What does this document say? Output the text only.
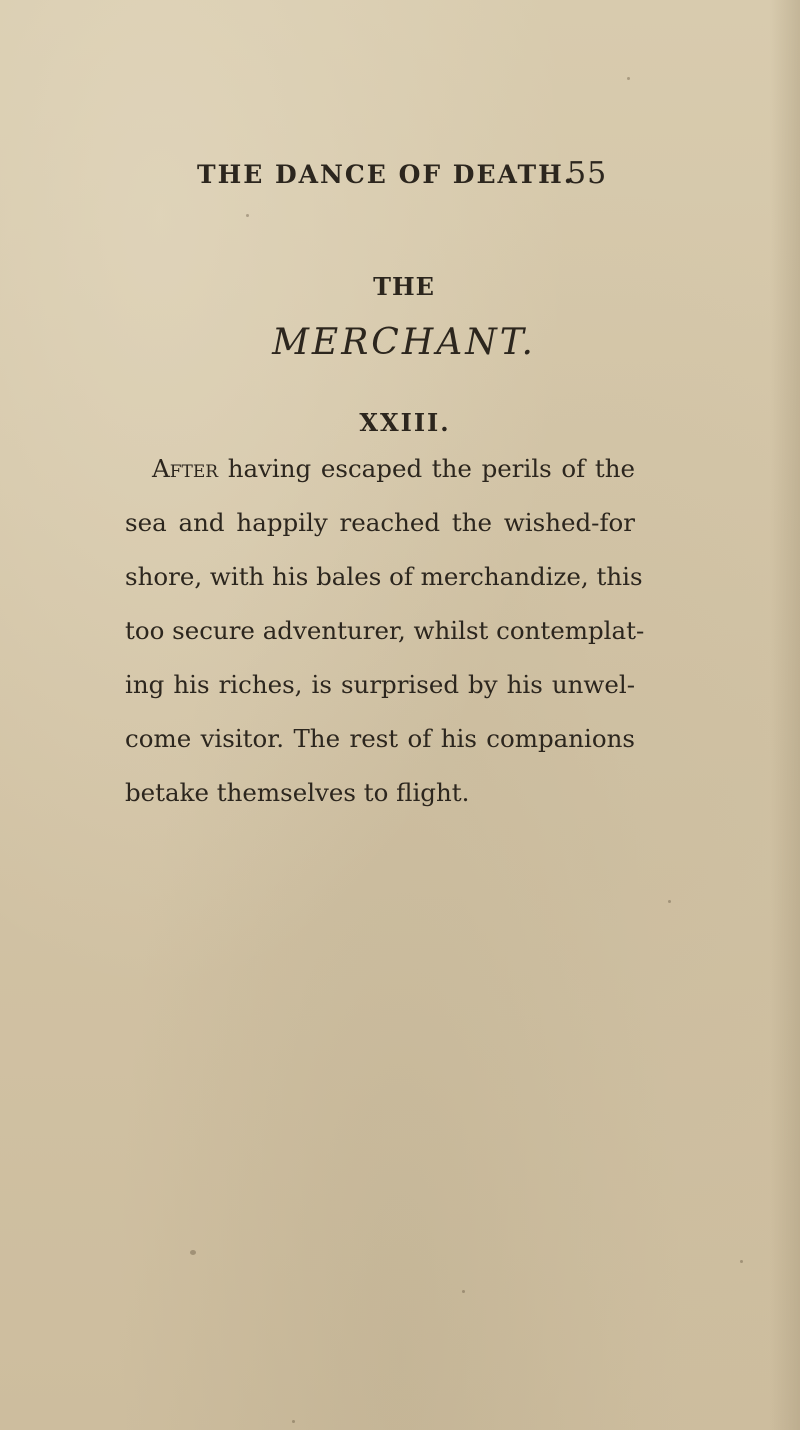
THE DANCE OF DEATH.
55
THE
MERCHANT.
XXIII.
After having escaped the perils of the
sea and happily reached the wished-for
shore, with his bales of merchandize, this
too secure adventurer, whilst contemplat-
ing his riches, is surprised by his unwel-
come visitor. The rest of his companions
betake themselves to flight.
